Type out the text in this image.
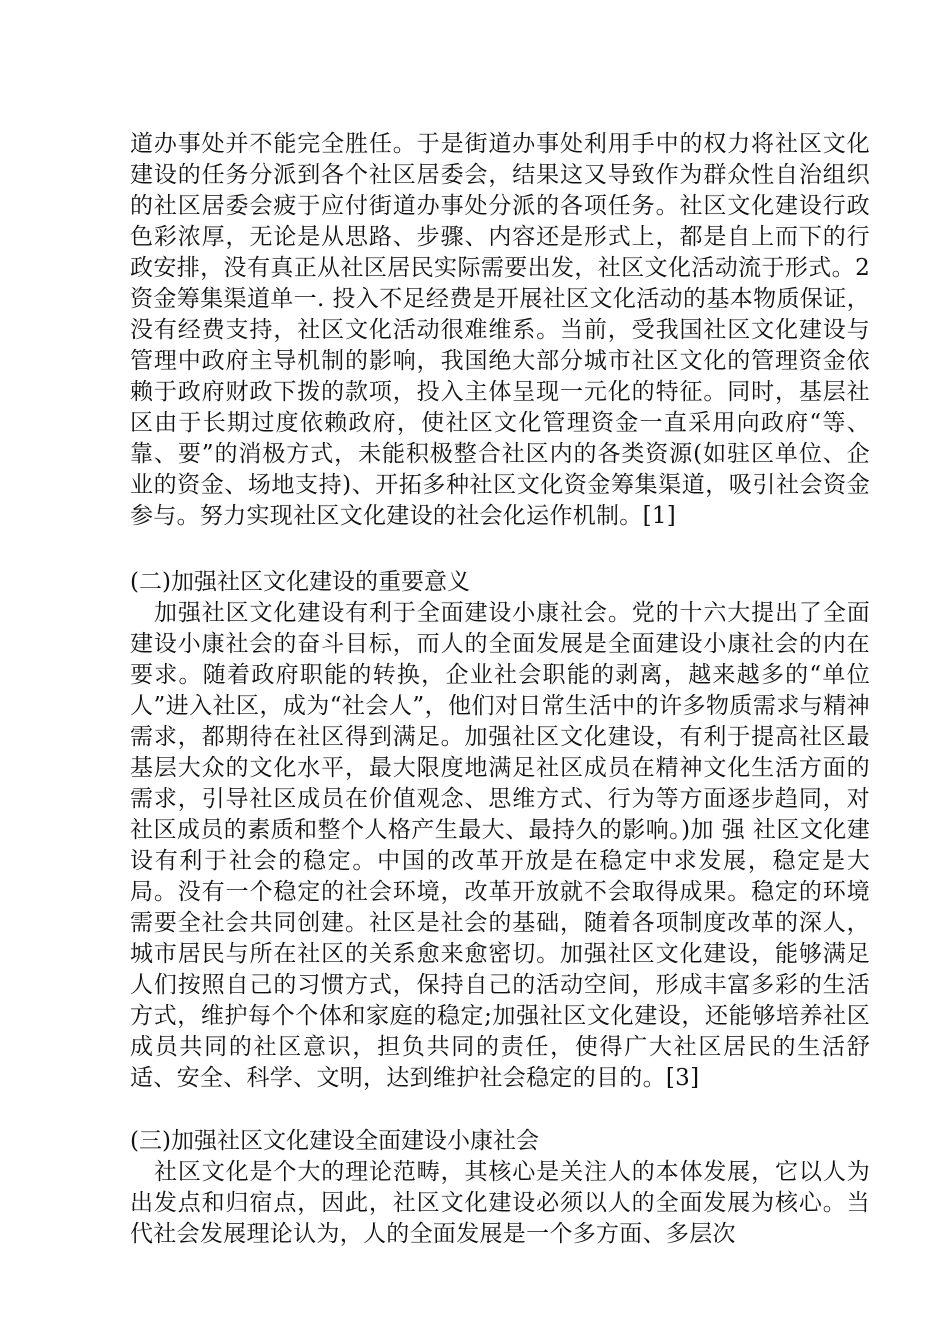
道办事处并不能完全胜任。于是街道办事处利用手中的权力将社区文化建设的任务分派到各个社区居委会，结果这又导致作为群众性自治组织的社区居委会疲于应付街道办事处分派的各项任务。社区文化建设行政色彩浓厚，无论是从思路、步骤、内容还是形式上，都是自上而下的行政安排，没有真正从社区居民实际需要出发，社区文化活动流于形式。2 资金筹集渠道单一. 投入不足经费是开展社区文化活动的基本物质保证，没有经费支持，社区文化活动很难维系。当前，受我国社区文化建设与管理中政府主导机制的影响，我国绝大部分城市社区文化的管理资金依赖于政府财政下拨的款项，投入主体呈现一元化的特征。同时，基层社区由于长期过度依赖政府，使社区文化管理资金一直采用向政府“等、靠、要”的消极方式，未能积极整合社区内的各类资源(如驻区单位、企业的资金、场地支持)、开拓多种社区文化资金筹集渠道，吸引社会资金参与。努力实现社区文化建设的社会化运作机制。[1]

(二)加强社区文化建设的重要意义

加强社区文化建设有利于全面建设小康社会。党的十六大提出了全面建设小康社会的奋斗目标，而人的全面发展是全面建设小康社会的内在要求。随着政府职能的转换，企业社会职能的剥离，越来越多的“单位人”进入社区，成为“社会人”，他们对日常生活中的许多物质需求与精神需求，都期待在社区得到满足。加强社区文化建设，有利于提高社区最基层大众的文化水平，最大限度地满足社区成员在精神文化生活方面的需求，引导社区成员在价值观念、思维方式、行为等方面逐步趋同，对社区成员的素质和整个人格产生最大、最持久的影响。)加 强 社区文化建设有利于社会的稳定。中国的改革开放是在稳定中求发展，稳定是大局。没有一个稳定的社会环境，改革开放就不会取得成果。稳定的环境需要全社会共同创建。社区是社会的基础，随着各项制度改革的深人，城市居民与所在社区的关系愈来愈密切。加强社区文化建设，能够满足人们按照自己的习惯方式，保持自己的活动空间，形成丰富多彩的生活方式，维护每个个体和家庭的稳定;加强社区文化建设，还能够培养社区成员共同的社区意识，担负共同的责任，使得广大社区居民的生活舒适、安全、科学、文明，达到维护社会稳定的目的。[3]

(三)加强社区文化建设全面建设小康社会

社区文化是个大的理论范畴，其核心是关注人的本体发展，它以人为出发点和归宿点，因此，社区文化建设必须以人的全面发展为核心。当代社会发展理论认为，人的全面发展是一个多方面、多层次
